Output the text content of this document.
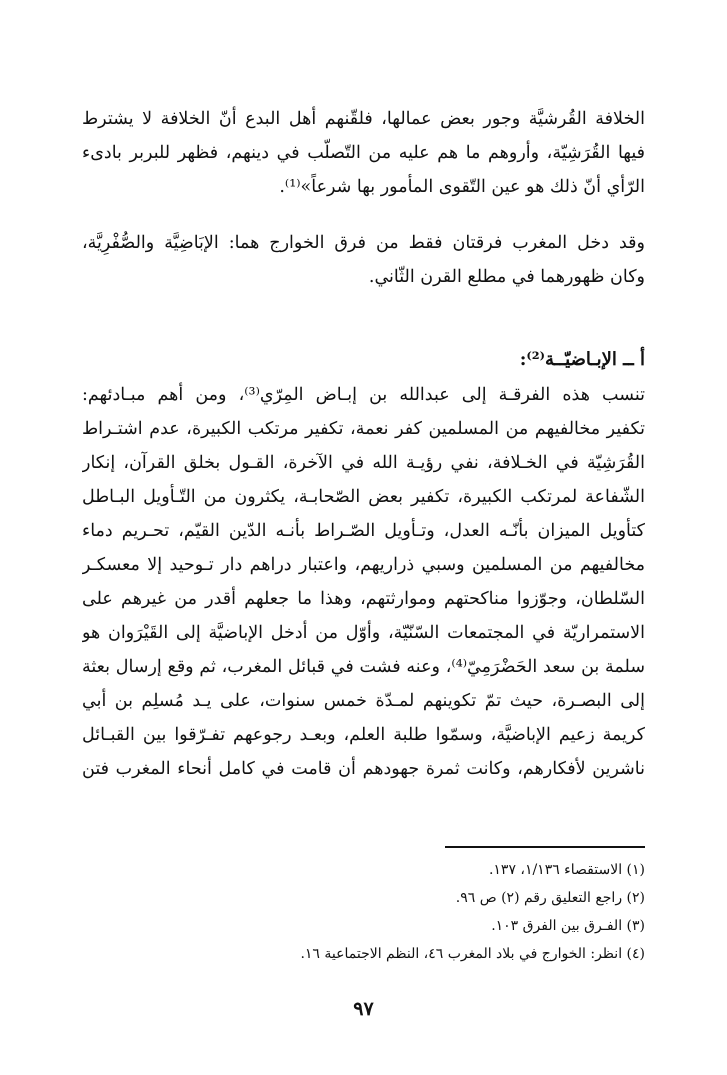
الخلافة القُرشيَّة وجور بعض عمالها، فلقّنهم أهل البدع أنّ الخلافة لا يشترط
فيها القُرَشِيّة، وأروهم ما هم عليه من التّصلّب في دينهم، فظهر للبربر بادىء
الرّأي أنّ ذلك هو عين التّقوى المأمور بها شرعاً»⁽¹⁾.
وقد دخل المغرب فرقتان فقط من فرق الخوارج هما: الإبَاضِيَّة والصُّفْرِيَّة،
وكان ظهورهما في مطلع القرن الثّاني.
أ ــ الإبـاضيّــة⁽²⁾:
تنسب هذه الفرقـة إلى عبدالله بن إبـاض المِرّي⁽³⁾، ومن أهم مبـادئهم:
تكفير مخالفيهم من المسلمين كفر نعمة، تكفير مرتكب الكبيرة، عدم اشتـراط
القُرَشِيّة في الخـلافة، نفي رؤيـة الله في الآخرة، القـول بخلق القرآن، إنكار
الشّفاعة لمرتكب الكبيرة، تكفير بعض الصّحابـة، يكثرون من التّـأويل البـاطل
كتأويل الميزان بأنّـه العدل، وتـأويل الصّـراط بأنـه الدّين القيّم، تحـريم دماء
مخالفيهم من المسلمين وسبي ذراريهم، واعتبار دراهم دار تـوحيد إلا معسكـر
السّلطان، وجوّزوا مناكحتهم وموارثتهم، وهذا ما جعلهم أقدر من غيرهم على
الاستمراريّة في المجتمعات السّنّيّة، وأوّل من أدخل الإباضيَّة إلى القَيْرَوان هو
سلمة بن سعد الحَضْرَمِيّ⁽⁴⁾، وعنه فشت في قبائل المغرب، ثم وقع إرسال بعثة
إلى البصـرة، حيث تمّ تكوينهم لمـدّة خمس سنوات، على يـد مُسلِم بن أبي
كريمة زعيم الإباضيَّة، وسمّوا طلبة العلم، وبعـد رجوعهم تفـرّقوا بين القبـائل
ناشرين لأفكارهم، وكانت ثمرة جهودهم أن قامت في كامل أنحاء المغرب فتن
(١) الاستقصاء ١/١٣٦، ١٣٧.
(٢) راجع التعليق رقم (٢) ص ٩٦.
(٣) الفـرق بين الفرق ١٠٣.
(٤) انظر: الخوارج في بلاد المغرب ٤٦، النظم الاجتماعية ١٦.
٩٧
